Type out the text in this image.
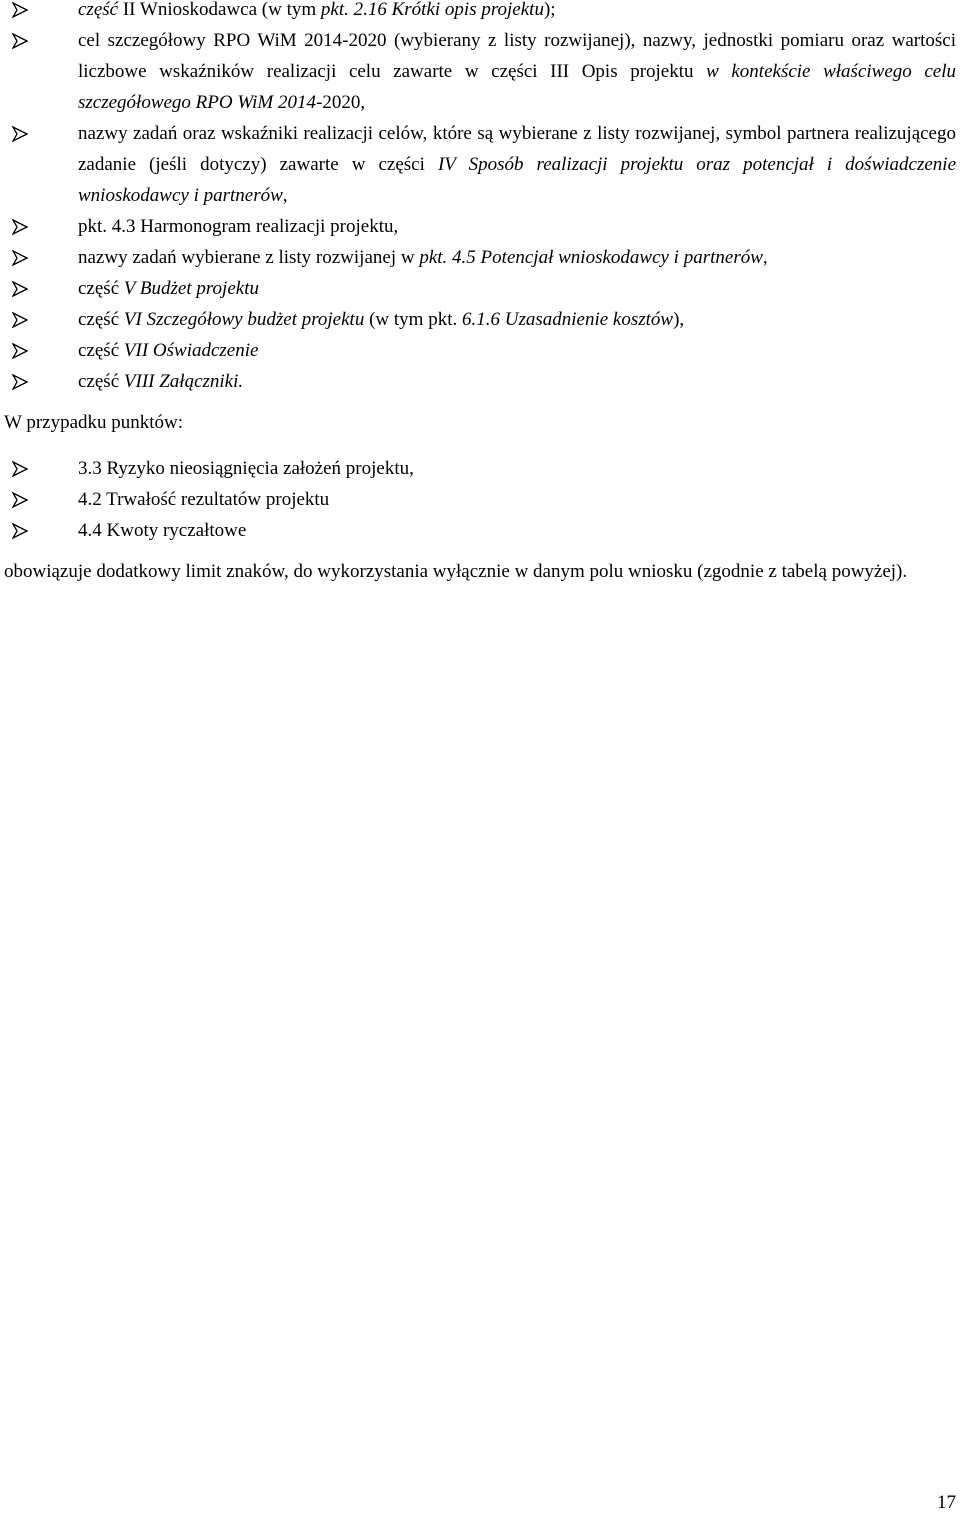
część II Wnioskodawca (w tym pkt. 2.16 Krótki opis projektu);
cel szczegółowy RPO WiM 2014-2020 (wybierany z listy rozwijanej), nazwy, jednostki pomiaru oraz wartości liczbowe wskaźników realizacji celu zawarte w części III Opis projektu w kontekście właściwego celu szczegółowego RPO WiM 2014-2020,
nazwy zadań oraz wskaźniki realizacji celów, które są wybierane z listy rozwijanej, symbol partnera realizującego zadanie (jeśli dotyczy) zawarte w części IV Sposób realizacji projektu oraz potencjał i doświadczenie wnioskodawcy i partnerów,
pkt. 4.3 Harmonogram realizacji projektu,
nazwy zadań wybierane z listy rozwijanej w pkt. 4.5 Potencjał wnioskodawcy i partnerów,
część V Budżet projektu
część VI Szczegółowy budżet projektu (w tym pkt. 6.1.6 Uzasadnienie kosztów),
część VII Oświadczenie
część VIII Załączniki.
W przypadku punktów:
3.3 Ryzyko nieosiągnięcia założeń projektu,
4.2 Trwałość rezultatów projektu
4.4 Kwoty ryczałtowe

obowiązuje dodatkowy limit znaków, do wykorzystania wyłącznie w danym polu wniosku (zgodnie z tabelą powyżej).

17
